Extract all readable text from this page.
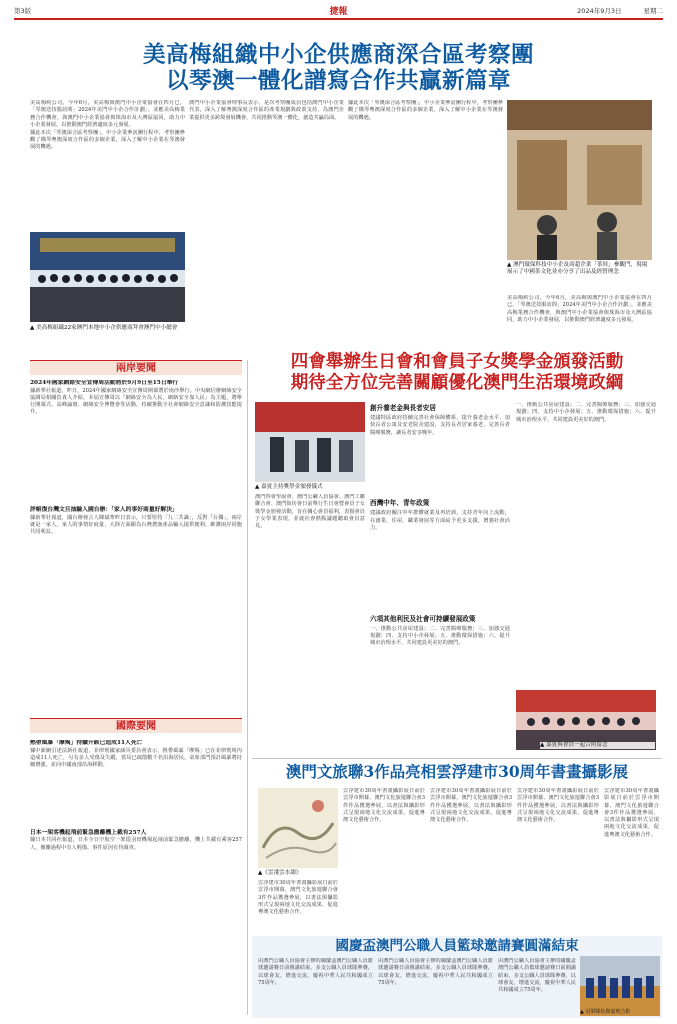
第3版	捷報	2024年9月3日	星期二
美高梅組織中小企供應商深合區考察團
以琴澳一體化譜寫合作共贏新篇章

美高梅約公司，今年6月，美高梅與澳門中小企業協會在四月已，「琴澳送技服訪問」2024年美門中小企合作計劃」。並應美高梅業務合作機會，與澳門中小企業協會與珠海市及大灣區協同，助力中小企業發展，以推動澳門經濟適度多元發展。

據此本次「琴澳深合區考察團」，中小企業參訪團行程中，考察團參觀了橫琴粵澳深度合作區的多個企業，深入了解中小企業在琴澳發展的機遇。

澳門中小企業協會理事長表示，是次考察團成員包括澳門中小企業代表，深入了解粵澳深度合作區的產業規劃與政策支持，為澳門企業提供更多跨境發展機會，共同推動琴澳一體化，創造共贏局面。

據此本次「琴澳深合區考察團」，中小企業參訪團行程中，考察團參觀了橫琴粵澳深度合作區的多個企業，深入了解中小企業在琴澳發展的機遇。

美高梅約公司，今年6月，美高梅與澳門中小企業協會在四月已，「琴澳送技服訪問」2024年美門中小企合作計劃」。並應美高梅業務合作機會，與澳門中小企業協會與珠海市及大灣區協同，助力中小企業發展，以推動澳門經濟適度多元發展。

▲ 美高梅組織22家澳門本地中小企供應商拜會澳門中小總會
▲ 澳門環保科技中小企及商超企業「茶娃」參觀門，現場展示了中國茶文化並亦分享了出品及經營理念
兩岸要聞
2024年國家網絡安全宣傳周活動將於9月9日至15日舉行

據新華社報道，昨日，2024年國家網絡安全宣傳周開幕將於南沙舉行。中央網信辦網絡安全協調局相關負責人介紹，本屆宣傳周以「網絡安全為人民，網絡安全靠人民」為主題，將舉行開幕式、高峰論壇、網絡安全博覽會等活動，持續推動全社會網絡安全意識和防護技能提升。

評帳復台灣文旦抽驗入國台辦：「家人的事好商量好解決」

據新華社報道，國台辦發言人陳斌華昨日表示，只要堅持「九二共識」，反對「台獨」，兩岸就是一家人，家人的事情好商量，大陸方面願為台灣農漁產品輸入提供便利，維護兩岸同胞共同利益。

國際要聞
熱帶風暴「摩羯」持續升級已造成11人死亡

據中新網引述法新社報道，菲律賓國家減災委員會表示，熱帶風暴「摩羯」已在菲律賓境內造成11人死亡，另有多人受傷及失蹤，當局已疏散數千名沿海居民。氣象部門預計風暴將持續增強，並向中國南部沿海移動。

日本一架客機起飛前緊急撤離機上載有257人

據日本共同社報道，日本全日空航空一架從羽田機場起飛前緊急撤離，機上共載有乘客257人，撤離過程中有人輕傷。事件原因有待調查。

四會舉辦生日會和會員子女獎學金頒發活動
期待全方位完善關顧優化澳門生活環境政綱
▲ 嘉賓主持獎學金頒發儀式

澳門四會學說會、澳門公職人員協會、澳門工聯聯合會、澳門街坊會日前舉行生日會暨會員子女獎學金頒發活動，旨在關心會員福利，表揚會員子女學業表現，並就社會熱點議題聽取會員意見。

創升養老金與長者安居

建議特區政府持續完善社會保障體系，提升養老金水平，加快長者公寓及安老院舍建設，支持長者居家養老，完善長者醫療服務，讓長者安享晚年。

西灣中年、青年政策

建議政府關注中年群體就業及再培訓，支持青年向上流動，在創業、住屋、職業發展等方面給予更多支援，增強社會活力。

六項其他利民及社會可持續發展政策

一、推動公共房屋建設；二、完善醫療服務；三、加強交通規劃；四、支持中小企發展；五、推動環保措施；六、提升城市治理水平，共同建設更美好的澳門。

一、推動公共房屋建設；二、完善醫療服務；三、加強交通規劃；四、支持中小企發展；五、推動環保措施；六、提升城市治理水平，共同建設更美好的澳門。

▲ 嘉賓與會員一起合照留念
澳門文旅聯3作品亮相雲浮建市30周年書畫攝影展
▲《雲淺雲水韻》

雲浮建市30周年書畫攝影展日前於雲浮市開幕，澳門文化旅遊聯合會3件作品獲選參展，以書法與攝影形式呈現兩地文化交流成果，促進粵澳文化藝術合作。

雲浮建市30周年書畫攝影展日前於雲浮市開幕，澳門文化旅遊聯合會3件作品獲選參展，以書法與攝影形式呈現兩地文化交流成果，促進粵澳文化藝術合作。

雲浮建市30周年書畫攝影展日前於雲浮市開幕，澳門文化旅遊聯合會3件作品獲選參展，以書法與攝影形式呈現兩地文化交流成果，促進粵澳文化藝術合作。

雲浮建市30周年書畫攝影展日前於雲浮市開幕，澳門文化旅遊聯合會3件作品獲選參展，以書法與攝影形式呈現兩地文化交流成果，促進粵澳文化藝術合作。

雲浮建市30周年書畫攝影展日前於雲浮市開幕，澳門文化旅遊聯合會3件作品獲選參展，以書法與攝影形式呈現兩地文化交流成果，促進粵澳文化藝術合作。

國慶盃澳門公職人員籃球邀請賽圓滿結束

由澳門公職人員協會主辦的國慶盃澳門公職人員籃球邀請賽日前圓滿結束，多支公職人員球隊參賽，以球會友，增進交流，慶祝中華人民共和國成立75周年。

由澳門公職人員協會主辦的國慶盃澳門公職人員籃球邀請賽日前圓滿結束，多支公職人員球隊參賽，以球會友，增進交流，慶祝中華人民共和國成立75周年。

由澳門公職人員協會主辦的國慶盃澳門公職人員籃球邀請賽日前圓滿結束，多支公職人員球隊參賽，以球會友，增進交流，慶祝中華人民共和國成立75周年。

▲ 冠軍隊伍與嘉賓合影
